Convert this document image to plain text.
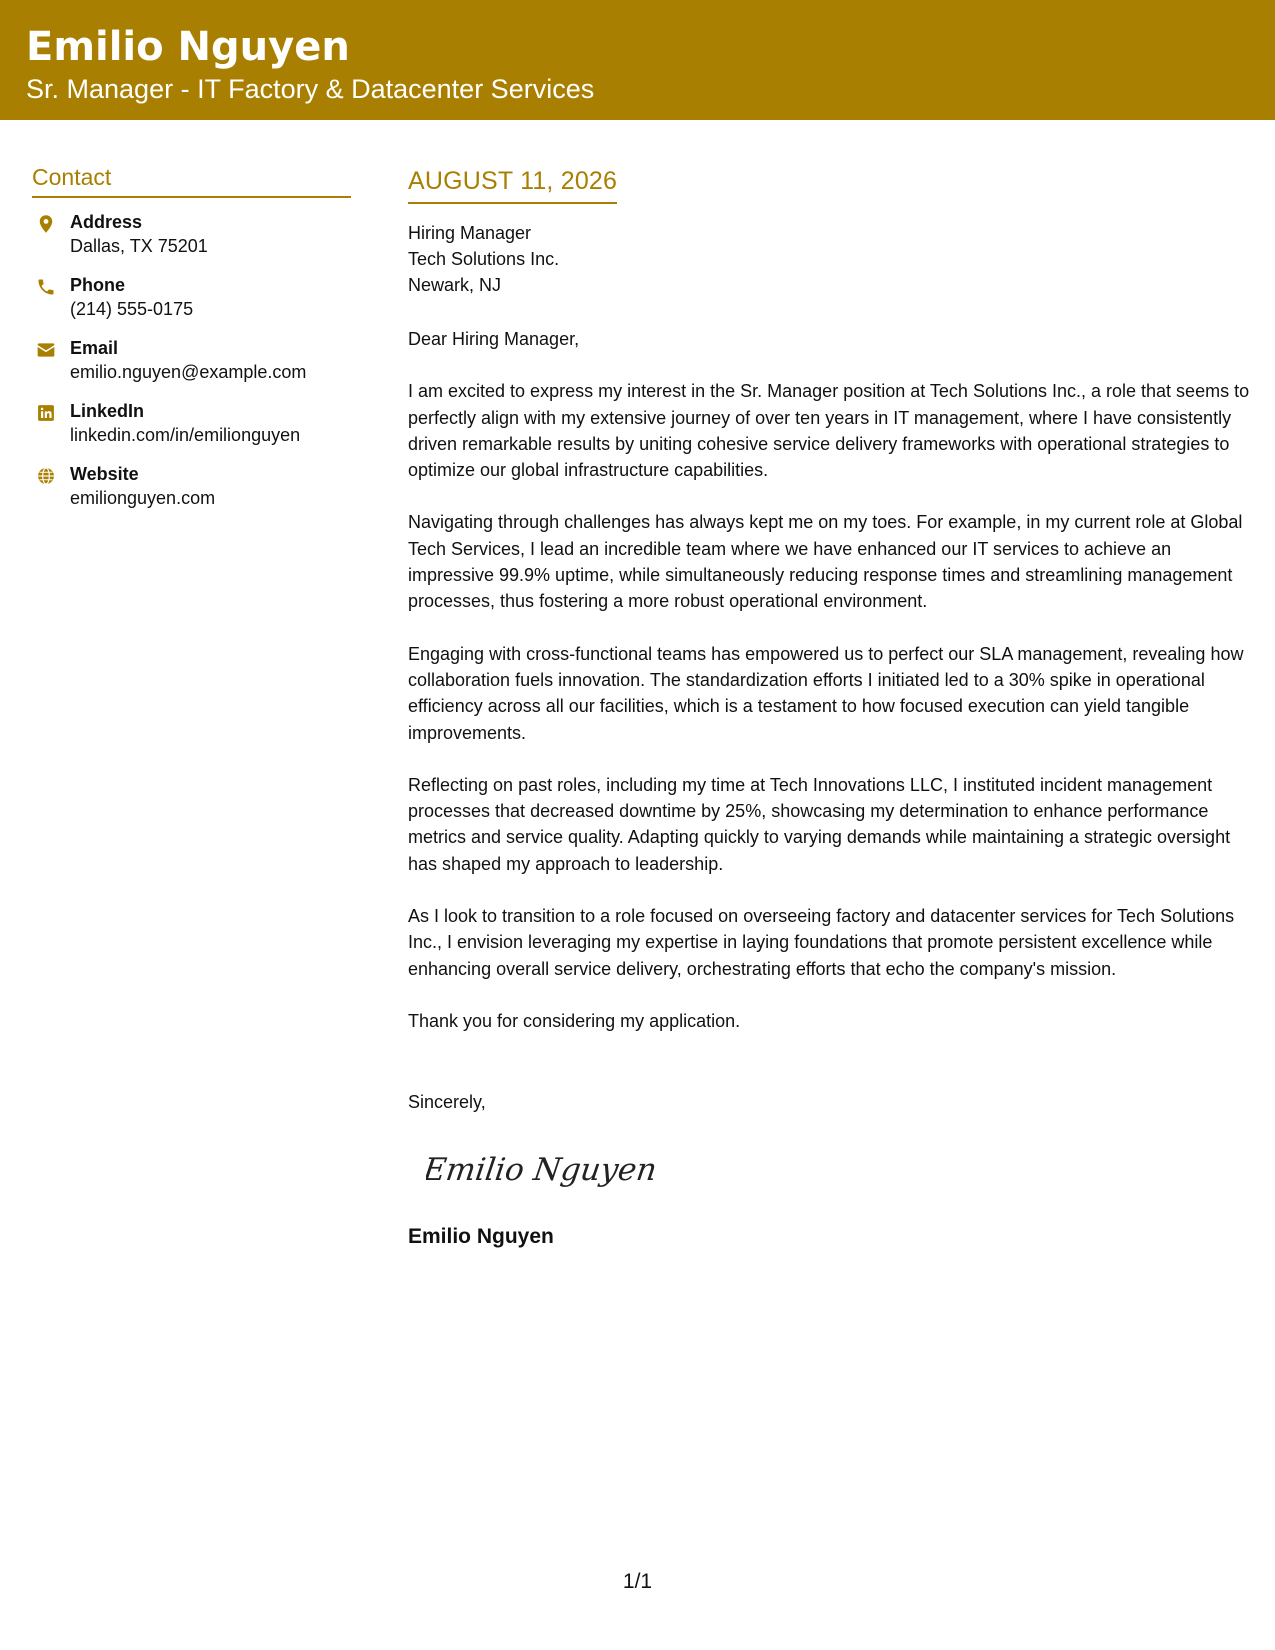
Emilio Nguyen
Sr. Manager - IT Factory & Datacenter Services
Contact
Address
Dallas, TX 75201
Phone
(214) 555-0175
Email
emilio.nguyen@example.com
LinkedIn
linkedin.com/in/emilionguyen
Website
emilionguyen.com
AUGUST 11, 2026
Hiring Manager
Tech Solutions Inc.
Newark, NJ
Dear Hiring Manager,
I am excited to express my interest in the Sr. Manager position at Tech Solutions Inc., a role that seems to perfectly align with my extensive journey of over ten years in IT management, where I have consistently driven remarkable results by uniting cohesive service delivery frameworks with operational strategies to optimize our global infrastructure capabilities.
Navigating through challenges has always kept me on my toes. For example, in my current role at Global Tech Services, I lead an incredible team where we have enhanced our IT services to achieve an impressive 99.9% uptime, while simultaneously reducing response times and streamlining management processes, thus fostering a more robust operational environment.
Engaging with cross-functional teams has empowered us to perfect our SLA management, revealing how collaboration fuels innovation. The standardization efforts I initiated led to a 30% spike in operational efficiency across all our facilities, which is a testament to how focused execution can yield tangible improvements.
Reflecting on past roles, including my time at Tech Innovations LLC, I instituted incident management processes that decreased downtime by 25%, showcasing my determination to enhance performance metrics and service quality. Adapting quickly to varying demands while maintaining a strategic oversight has shaped my approach to leadership.
As I look to transition to a role focused on overseeing factory and datacenter services for Tech Solutions Inc., I envision leveraging my expertise in laying foundations that promote persistent excellence while enhancing overall service delivery, orchestrating efforts that echo the company's mission.
Thank you for considering my application.
Sincerely,
Emilio Nguyen
Emilio Nguyen
1/1
